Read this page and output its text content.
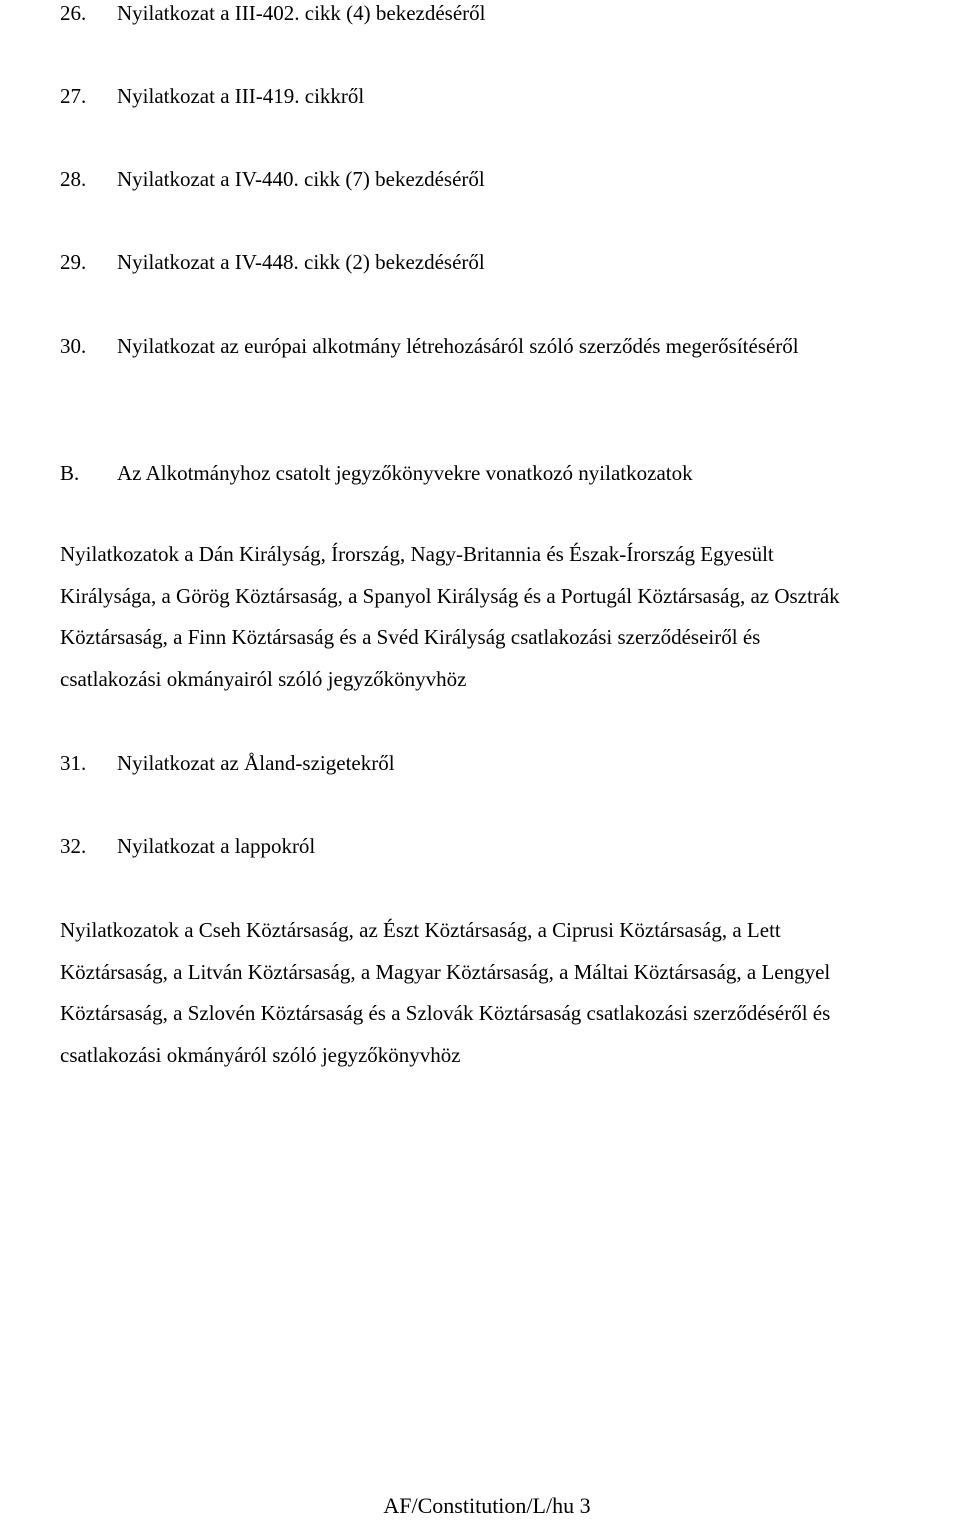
26. Nyilatkozat a III-402. cikk (4) bekezdéséről
27. Nyilatkozat a III-419. cikkről
28. Nyilatkozat a IV-440. cikk (7) bekezdéséről
29. Nyilatkozat a IV-448. cikk (2) bekezdéséről
30. Nyilatkozat az európai alkotmány létrehozásáról szóló szerződés megerősítéséről
B. Az Alkotmányhoz csatolt jegyzőkönyvekre vonatkozó nyilatkozatok
Nyilatkozatok a Dán Királyság, Írország, Nagy-Britannia és Észak-Írország Egyesült
Királysága, a Görög Köztársaság, a Spanyol Királyság és a Portugál Köztársaság, az Osztrák
Köztársaság, a Finn Köztársaság és a Svéd Királyság csatlakozási szerződéseiről és
csatlakozási okmányairól szóló jegyzőkönyvhöz
31. Nyilatkozat az Åland-szigetekről
32. Nyilatkozat a lappokról
Nyilatkozatok a Cseh Köztársaság, az Észt Köztársaság, a Ciprusi Köztársaság, a Lett
Köztársaság, a Litván Köztársaság, a Magyar Köztársaság, a Máltai Köztársaság, a Lengyel
Köztársaság, a Szlovén Köztársaság és a Szlovák Köztársaság csatlakozási szerződéséről és
csatlakozási okmányáról szóló jegyzőkönyvhöz
AF/Constitution/L/hu 3
